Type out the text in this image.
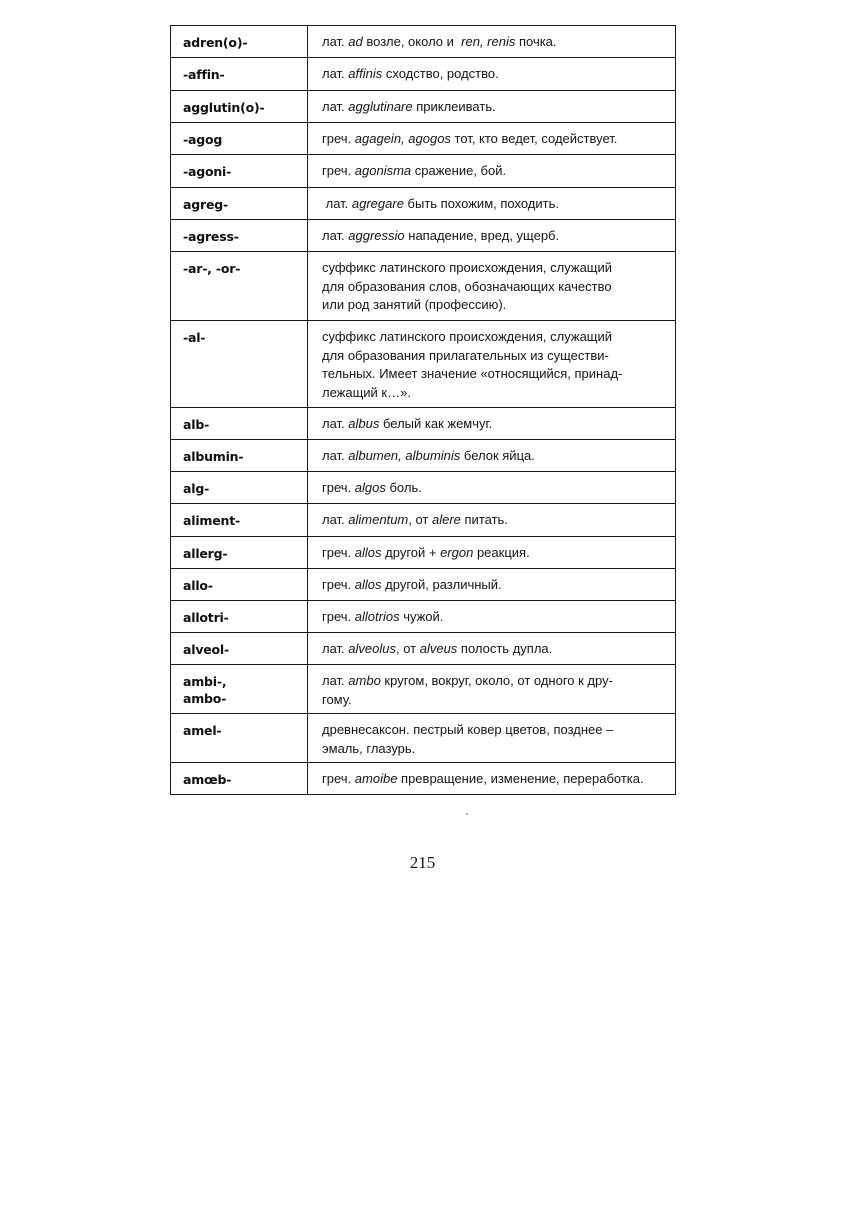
adren(o)-	лат. ad возле, около и  ren, renis почка.

-affin-	лат. affinis сходство, родство.

agglutin(o)-	лат. agglutinare приклеивать.

-agog	греч. agagein, agogos тот, кто ведет, содействует.

-agoni-	греч. agonisma сражение, бой.

agreg-	лат. agregare быть похожим, походить.

-agress-	лат. aggressio нападение, вред, ущерб.

-ar-, -or-	суффикс латинского происхождения, служащий
для образования слов, обозначающих качество
или род занятий (профессию).

-al-	суффикс латинского происхождения, служащий
для образования прилагательных из существи-
тельных. Имеет значение «относящийся, принад-
лежащий к…».

alb-	лат. albus белый как жемчуг.

albumin-	лат. albumen, albuminis белок яйца.

alg-	греч. algos боль.

aliment-	лат. alimentum, от alere питать.

allerg-	греч. allos другой + ergon реакция.

allo-	греч. allos другой, различный.

allotri-	греч. allotrios чужой.

alveol-	лат. alveolus, от alveus полость дупла.

ambi-,
ambo-	лат. ambo кругом, вокруг, около, от одного к дру-
гому.

amel-	древнесаксон. пестрый ковер цветов, позднее –
эмаль, глазурь.

amœb-	греч. amoibe превращение, изменение, переработка.
215
